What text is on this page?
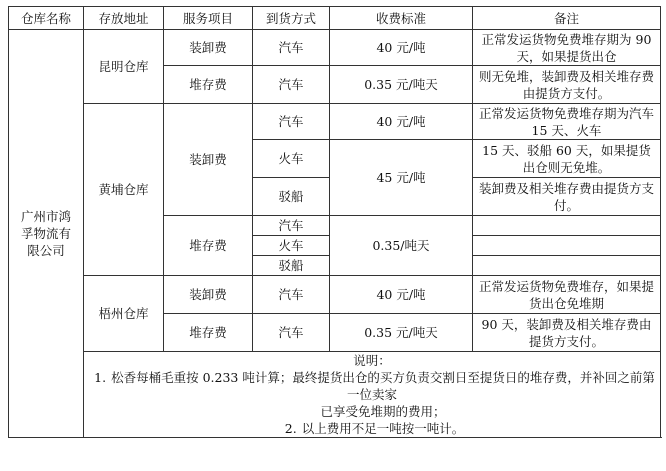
仓库名称	存放地址	服务项目	到货方式	收费标准	备注

广州市鸿
孚物流有
限公司	昆明仓库	装卸费	汽车	40 元/吨	正常发运货物免费堆存期为 90 天，如果提货出仓
		堆存费	汽车	0.35 元/吨天	则无免堆，装卸费及相关堆存费由提货方支付。
	黄埔仓库	装卸费	汽车	40 元/吨	正常发运货物免费堆存期为汽车 15 天、火车
			火车	45 元/吨	15 天、驳船 60 天，如果提货出仓则无免堆。
			驳船		装卸费及相关堆存费由提货方支付。
		堆存费	汽车	0.35/吨天	
			火车		
			驳船		
	梧州仓库	装卸费	汽车	40 元/吨	正常发运货物免费堆存，如果提货出仓免堆期
		堆存费	汽车	0.35 元/吨天	90 天，装卸费及相关堆存费由提货方支付。

	说明：
1. 松香每桶毛重按 0.233 吨计算；最终提货出仓的买方负责交割日至提货日的堆存费，并补回之前第一位卖家
已享受免堆期的费用；
2. 以上费用不足一吨按一吨计。				
